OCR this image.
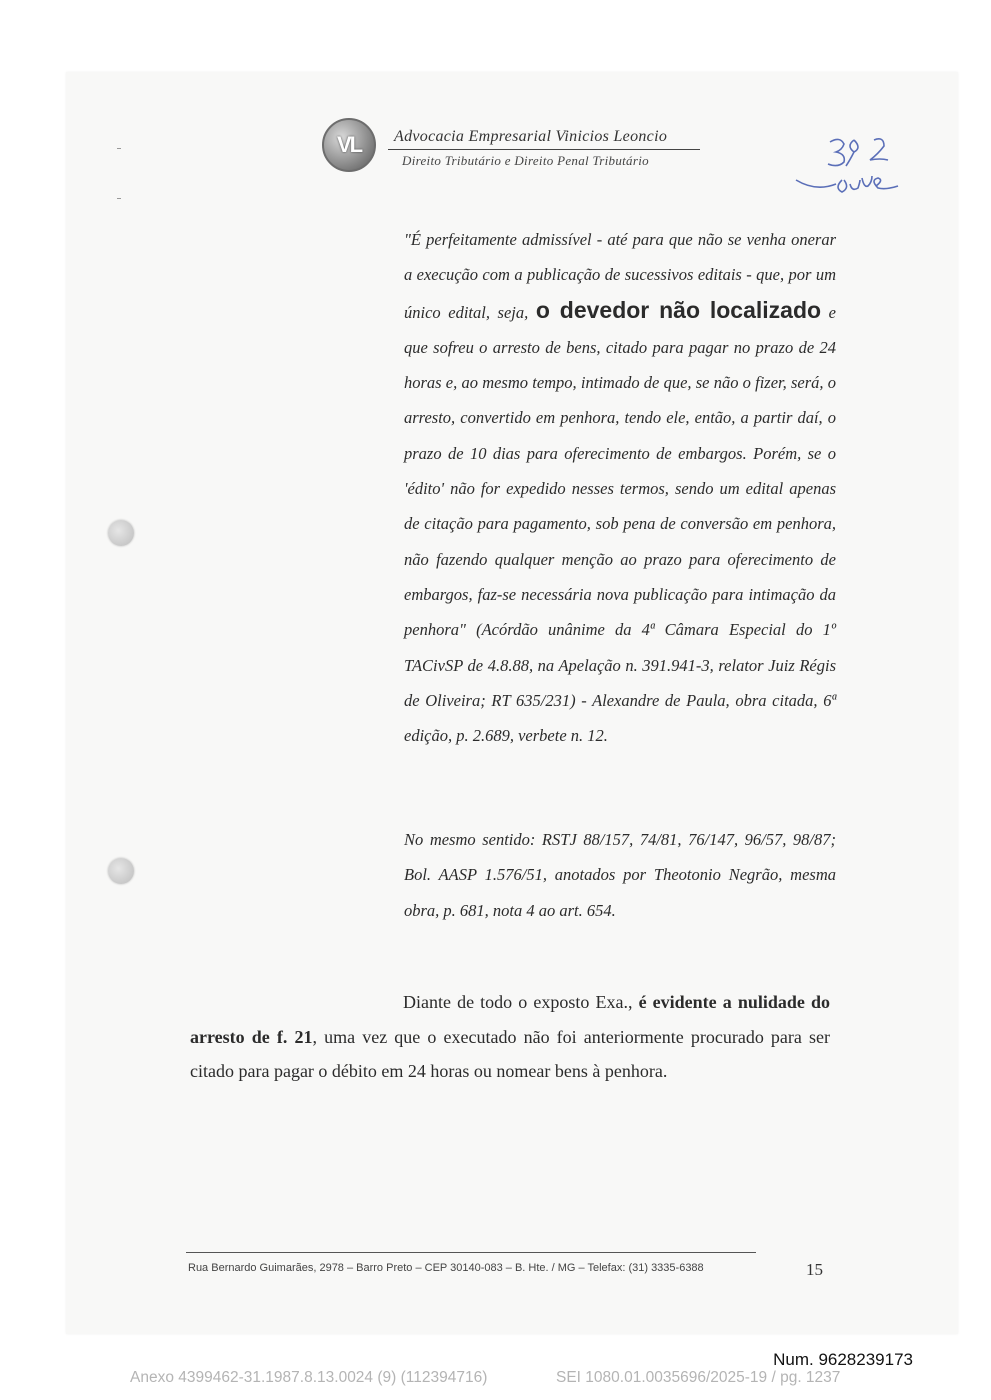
VL Advocacia Empresarial Vinicios Leoncio
Direito Tributário e Direito Penal Tributário
"É perfeitamente admissível - até para que não se venha onerar a execução com a publicação de sucessivos editais - que, por um único edital, seja, o devedor não localizado e que sofreu o arresto de bens, citado para pagar no prazo de 24 horas e, ao mesmo tempo, intimado de que, se não o fizer, será, o arresto, convertido em penhora, tendo ele, então, a partir daí, o prazo de 10 dias para oferecimento de embargos. Porém, se o 'édito' não for expedido nesses termos, sendo um edital apenas de citação para pagamento, sob pena de conversão em penhora, não fazendo qualquer menção ao prazo para oferecimento de embargos, faz-se necessária nova publicação para intimação da penhora" (Acórdão unânime da 4ª Câmara Especial do 1º TACivSP de 4.8.88, na Apelação n. 391.941-3, relator Juiz Régis de Oliveira; RT 635/231) - Alexandre de Paula, obra citada, 6ª edição, p. 2.689, verbete n. 12.
No mesmo sentido: RSTJ 88/157, 74/81, 76/147, 96/57, 98/87; Bol. AASP 1.576/51, anotados por Theotonio Negrão, mesma obra, p. 681, nota 4 ao art. 654.
Diante de todo o exposto Exa., é evidente a nulidade do arresto de f. 21, uma vez que o executado não foi anteriormente procurado para ser citado para pagar o débito em 24 horas ou nomear bens à penhora.
Rua Bernardo Guimarães, 2978 – Barro Preto – CEP 30140-083 – B. Hte. / MG – Telefax: (31) 3335-6388	15
Num. 9628239173
Anexo 4399462-31.1987.8.13.0024 (9) (112394716)	SEI 1080.01.0035696/2025-19 / pg. 1237
